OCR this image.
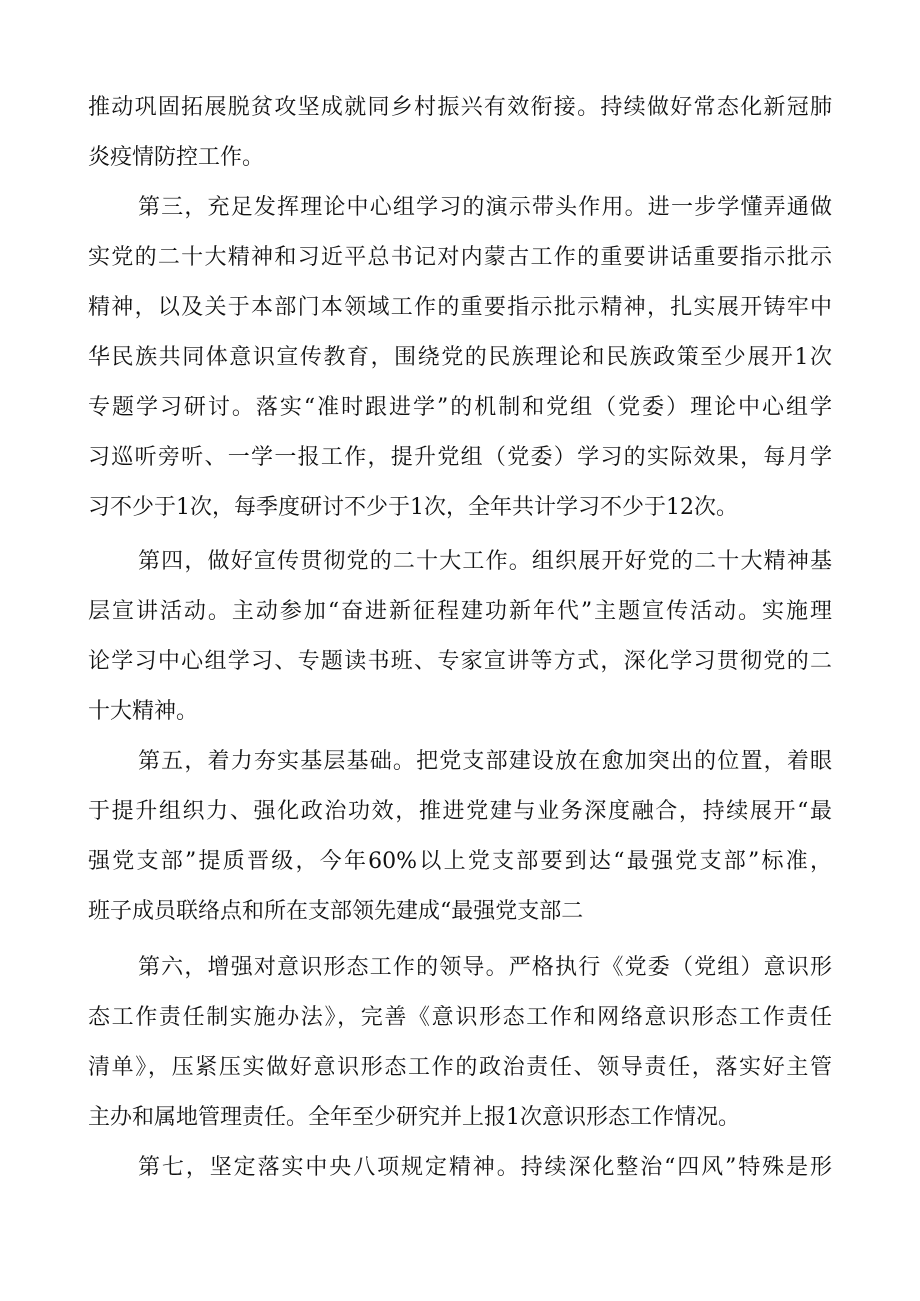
推动巩固拓展脱贫攻坚成就同乡村振兴有效衔接。持续做好常态化新冠肺
炎疫情防控工作。
第三，充足发挥理论中心组学习的演示带头作用。进一步学懂弄通做
实党的二十大精神和习近平总书记对内蒙古工作的重要讲话重要指示批示
精神，以及关于本部门本领域工作的重要指示批示精神，扎实展开铸牢中
华民族共同体意识宣传教育，围绕党的民族理论和民族政策至少展开1次
专题学习研讨。落实“准时跟进学”的机制和党组（党委）理论中心组学
习巡听旁听、一学一报工作，提升党组（党委）学习的实际效果，每月学
习不少于1次，每季度研讨不少于1次，全年共计学习不少于12次。
第四，做好宣传贯彻党的二十大工作。组织展开好党的二十大精神基
层宣讲活动。主动参加“奋进新征程建功新年代”主题宣传活动。实施理
论学习中心组学习、专题读书班、专家宣讲等方式，深化学习贯彻党的二
十大精神。
第五，着力夯实基层基础。把党支部建设放在愈加突出的位置，着眼
于提升组织力、强化政治功效，推进党建与业务深度融合，持续展开“最
强党支部”提质晋级，今年60%以上党支部要到达“最强党支部”标准，
班子成员联络点和所在支部领先建成“最强党支部二
第六，增强对意识形态工作的领导。严格执行《党委（党组）意识形
态工作责任制实施办法》，完善《意识形态工作和网络意识形态工作责任
清单》，压紧压实做好意识形态工作的政治责任、领导责任，落实好主管
主办和属地管理责任。全年至少研究并上报1次意识形态工作情况。
第七，坚定落实中央八项规定精神。持续深化整治“四风”特殊是形
